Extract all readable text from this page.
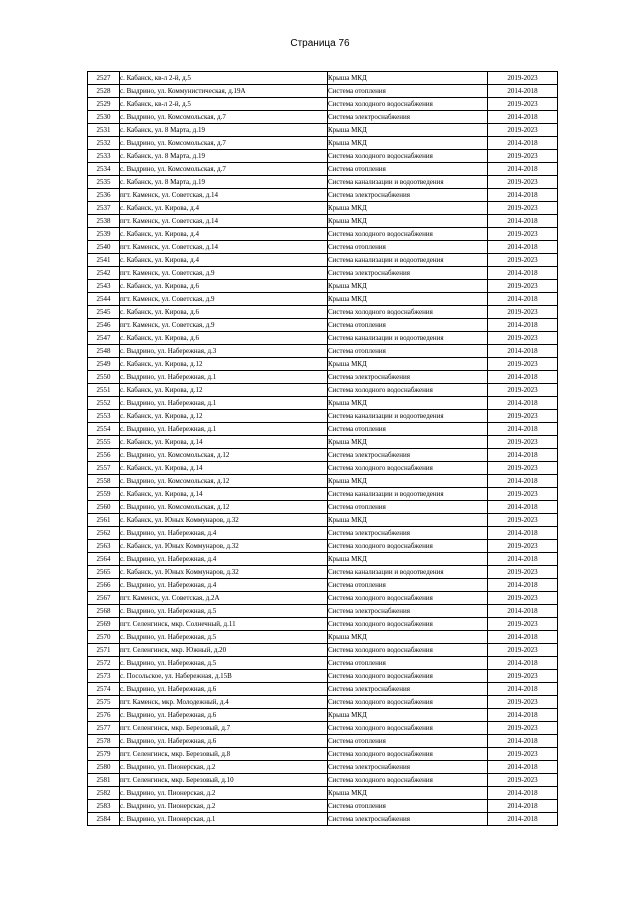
Страница 76
2527	с. Кабанск, кв-л 2-й, д.5	Крыша МКД	2019-2023
2528	с. Выдрино, ул. Коммунистическая, д.19А	Система отопления	2014-2018
2529	с. Кабанск, кв-л 2-й, д.5	Система холодного водоснабжения	2019-2023
2530	с. Выдрино, ул. Комсомольская, д.7	Система электроснабжения	2014-2018
2531	с. Кабанск, ул. 8 Марта, д.19	Крыша МКД	2019-2023
2532	с. Выдрино, ул. Комсомольская, д.7	Крыша МКД	2014-2018
2533	с. Кабанск, ул. 8 Марта, д.19	Система холодного водоснабжения	2019-2023
2534	с. Выдрино, ул. Комсомольская, д.7	Система отопления	2014-2018
2535	с. Кабанск, ул. 8 Марта, д.19	Система канализации и водоотведения	2019-2023
2536	пгт. Каменск, ул. Советская, д.14	Система электроснабжения	2014-2018
2537	с. Кабанск, ул. Кирова, д.4	Крыша МКД	2019-2023
2538	пгт. Каменск, ул. Советская, д.14	Крыша МКД	2014-2018
2539	с. Кабанск, ул. Кирова, д.4	Система холодного водоснабжения	2019-2023
2540	пгт. Каменск, ул. Советская, д.14	Система отопления	2014-2018
2541	с. Кабанск, ул. Кирова, д.4	Система канализации и водоотведения	2019-2023
2542	пгт. Каменск, ул. Советская, д.9	Система электроснабжения	2014-2018
2543	с. Кабанск, ул. Кирова, д.6	Крыша МКД	2019-2023
2544	пгт. Каменск, ул. Советская, д.9	Крыша МКД	2014-2018
2545	с. Кабанск, ул. Кирова, д.6	Система холодного водоснабжения	2019-2023
2546	пгт. Каменск, ул. Советская, д.9	Система отопления	2014-2018
2547	с. Кабанск, ул. Кирова, д.6	Система канализации и водоотведения	2019-2023
2548	с. Выдрино, ул. Набережная, д.3	Система отопления	2014-2018
2549	с. Кабанск, ул. Кирова, д.12	Крыша МКД	2019-2023
2550	с. Выдрино, ул. Набережная, д.1	Система электроснабжения	2014-2018
2551	с. Кабанск, ул. Кирова, д.12	Система холодного водоснабжения	2019-2023
2552	с. Выдрино, ул. Набережная, д.1	Крыша МКД	2014-2018
2553	с. Кабанск, ул. Кирова, д.12	Система канализации и водоотведения	2019-2023
2554	с. Выдрино, ул. Набережная, д.1	Система отопления	2014-2018
2555	с. Кабанск, ул. Кирова, д.14	Крыша МКД	2019-2023
2556	с. Выдрино, ул. Комсомольская, д.12	Система электроснабжения	2014-2018
2557	с. Кабанск, ул. Кирова, д.14	Система холодного водоснабжения	2019-2023
2558	с. Выдрино, ул. Комсомольская, д.12	Крыша МКД	2014-2018
2559	с. Кабанск, ул. Кирова, д.14	Система канализации и водоотведения	2019-2023
2560	с. Выдрино, ул. Комсомольская, д.12	Система отопления	2014-2018
2561	с. Кабанск, ул. Юных Коммунаров, д.32	Крыша МКД	2019-2023
2562	с. Выдрино, ул. Набережная, д.4	Система электроснабжения	2014-2018
2563	с. Кабанск, ул. Юных Коммунаров, д.32	Система холодного водоснабжения	2019-2023
2564	с. Выдрино, ул. Набережная, д.4	Крыша МКД	2014-2018
2565	с. Кабанск, ул. Юных Коммунаров, д.32	Система канализации и водоотведения	2019-2023
2566	с. Выдрино, ул. Набережная, д.4	Система отопления	2014-2018
2567	пгт. Каменск, ул. Советская, д.2А	Система холодного водоснабжения	2019-2023
2568	с. Выдрино, ул. Набережная, д.5	Система электроснабжения	2014-2018
2569	пгт. Селенгинск, мкр. Солнечный, д.11	Система холодного водоснабжения	2019-2023
2570	с. Выдрино, ул. Набережная, д.5	Крыша МКД	2014-2018
2571	пгт. Селенгинск, мкр. Южный, д.20	Система холодного водоснабжения	2019-2023
2572	с. Выдрино, ул. Набережная, д.5	Система отопления	2014-2018
2573	с. Посольское, ул. Набережная, д.15В	Система холодного водоснабжения	2019-2023
2574	с. Выдрино, ул. Набережная, д.6	Система электроснабжения	2014-2018
2575	пгт. Каменск, мкр. Молодежный, д.4	Система холодного водоснабжения	2019-2023
2576	с. Выдрино, ул. Набережная, д.6	Крыша МКД	2014-2018
2577	пгт. Селенгинск, мкр. Березовый, д.7	Система холодного водоснабжения	2019-2023
2578	с. Выдрино, ул. Набережная, д.6	Система отопления	2014-2018
2579	пгт. Селенгинск, мкр. Березовый, д.8	Система холодного водоснабжения	2019-2023
2580	с. Выдрино, ул. Пионерская, д.2	Система электроснабжения	2014-2018
2581	пгт. Селенгинск, мкр. Березовый, д.10	Система холодного водоснабжения	2019-2023
2582	с. Выдрино, ул. Пионерская, д.2	Крыша МКД	2014-2018
2583	с. Выдрино, ул. Пионерская, д.2	Система отопления	2014-2018
2584	с. Выдрино, ул. Пионерская, д.1	Система электроснабжения	2014-2018
